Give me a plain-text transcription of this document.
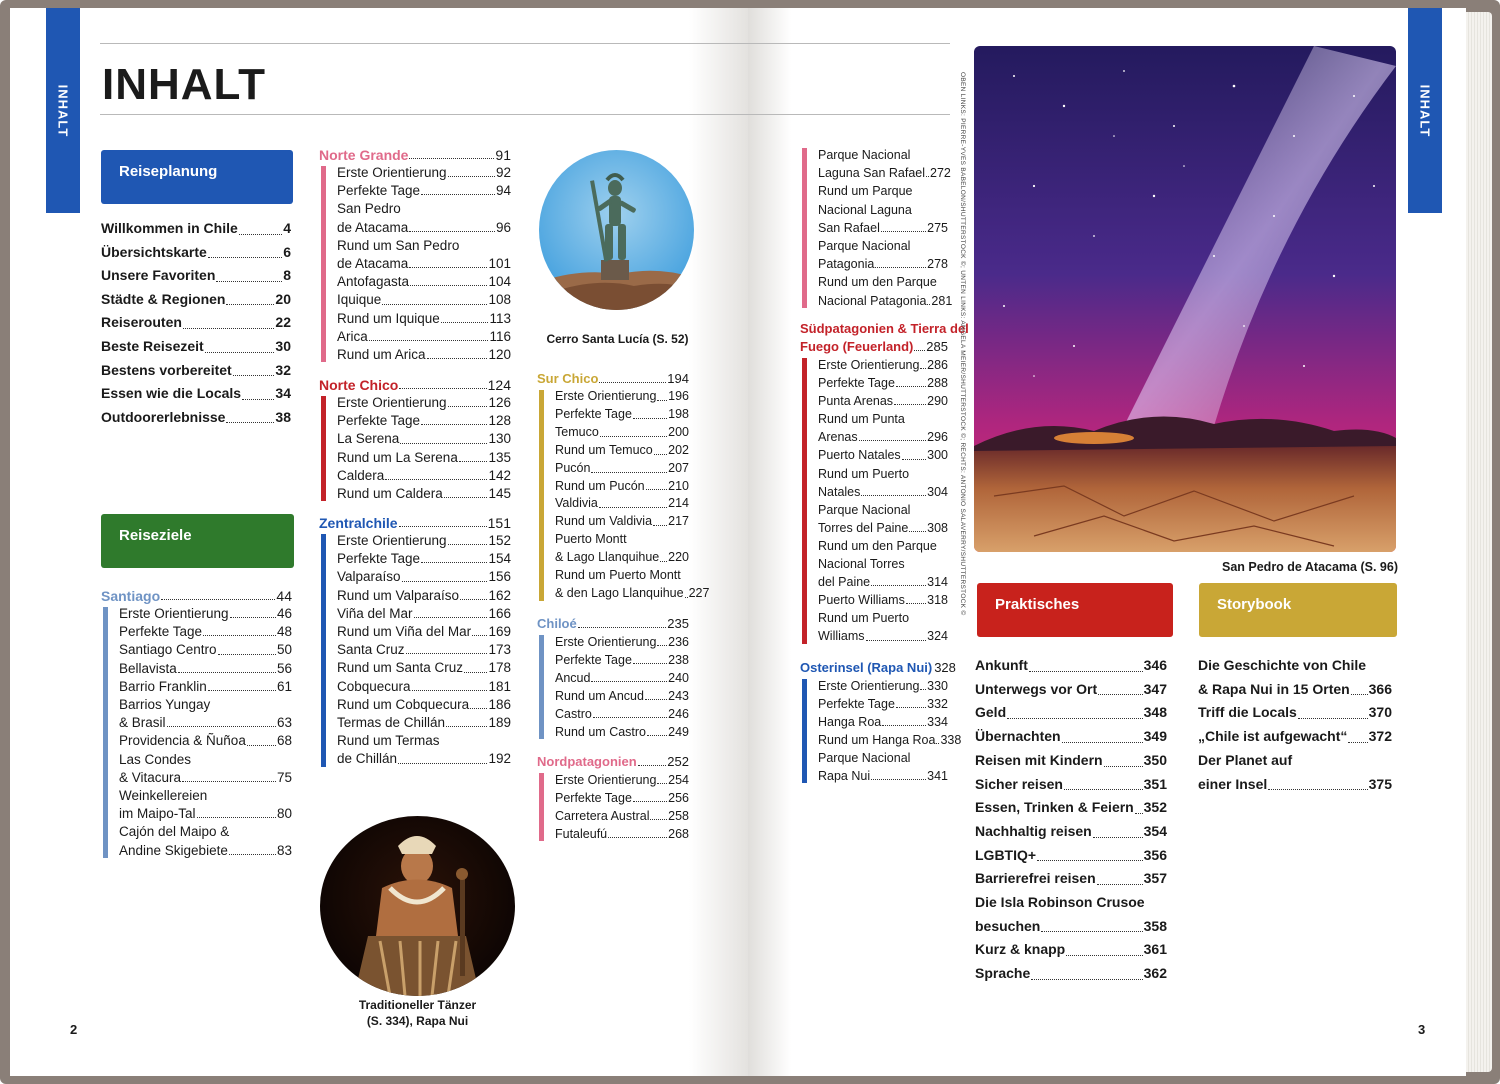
INHALT INHALT
Reiseplanung
Willkommen in Chile	4
Übersichtskarte	6
Unsere Favoriten	8
Städte & Regionen	20
Reiserouten	22
Beste Reisezeit	30
Bestens vorbereitet	32
Essen wie die Locals 34
Outdoorerlebnisse	38
Reiseziele
Santiago	44
Erste Orientierung	46
Perfekte Tage	48
Santiago Centro	50
Bellavista	56
Barrio Franklin	61
Barrios Yungay
& Brasil	63
Providencia & Ñuñoa 68
Las Condes
& Vitacura	75
Weinkellereien
im Maipo-Tal	80
Cajón del Maipo &
Andine Skigebiete	83
Norte Grande	91
Erste Orientierung	92
Perfekte Tage	94
San Pedro
de Atacama	96
Rund um San Pedro
de Atacama	101
Antofagasta	104
Iquique	108
Rund um Iquique	113
Arica	116
Rund um Arica	120
Norte Chico	124
Erste Orientierung	126
Perfekte Tage	128
La Serena	130
Rund um La Serena 135
Caldera	142
Rund um Caldera	145
Zentralchile	151
Erste Orientierung	152
Perfekte Tage	154
Valparaíso	156
Rund um Valparaíso 162
Viña del Mar	166
Rund um Viña del Mar 169
Santa Cruz	173
Rund um Santa Cruz 178
Cobquecura	181
Rund um Cobquecura 186
Termas de Chillán	189
Rund um Termas
de Chillán	192
Cerro Santa Lucía (S. 52)
Sur Chico	194
Erste Orientierung 196
Perfekte Tage	198
Temuco	200
Rund um Temuco 202
Pucón	207
Rund um Pucón 210
Valdivia	214
Rund um Valdivia 217
Puerto Montt
& Lago Llanquihue 220
Rund um Puerto Montt
& den Lago Llanquihue 227
Chiloé	235
Erste Orientierung 236
Perfekte Tage	238
Ancud	240
Rund um Ancud 243
Castro	246
Rund um Castro 249
Nordpatagonien 252
Erste Orientierung 254
Perfekte Tage	256
Carretera Austral 258
Futaleufú	268
Traditioneller Tänzer
(S. 334), Rapa Nui
2
Parque Nacional
Laguna San Rafael 272
Rund um Parque
Nacional Laguna
San Rafael	275
Parque Nacional
Patagonia	278
Rund um den Parque
Nacional Patagonia 281
Südpatagonien & Tierra del
Fuego (Feuerland) 285
Erste Orientierung 286
Perfekte Tage	288
Punta Arenas	290
Rund um Punta
Arenas	296
Puerto Natales 300
Rund um Puerto
Natales	304
Parque Nacional
Torres del Paine 308
Rund um den Parque
Nacional Torres
del Paine	314
Puerto Williams 318
Rund um Puerto
Williams	324
Osterinsel (Rapa Nui) 328
Erste Orientierung 330
Perfekte Tage	332
Hanga Roa	334
Rund um Hanga Roa 338
Parque Nacional
Rapa Nui	341
OBEN LINKS: PIERRE-YVES BABELON/SHUTTERSTOCK ©; UNTEN LINKS: ANGELA MEIER/SHUTTERSTOCK ©; RECHTS: ANTONIO SALAVERRY/SHUTTERSTOCK ©	San Pedro de Atacama (S. 96)
Praktisches
Ankunft	346
Unterwegs vor Ort	347
Geld	348
Übernachten	349
Reisen mit Kindern	350
Sicher reisen	351
Essen, Trinken & Feiern 352
Nachhaltig reisen	354
LGBTIQ+	356
Barrierefrei reisen	357
Die Isla Robinson Crusoe
besuchen	358
Kurz & knapp	361
Sprache	362
Storybook
Die Geschichte von Chile
& Rapa Nui in 15 Orten 366
Triff die Locals	370
„Chile ist aufgewacht“ 372
Der Planet auf
einer Insel	375
INHALT
3
